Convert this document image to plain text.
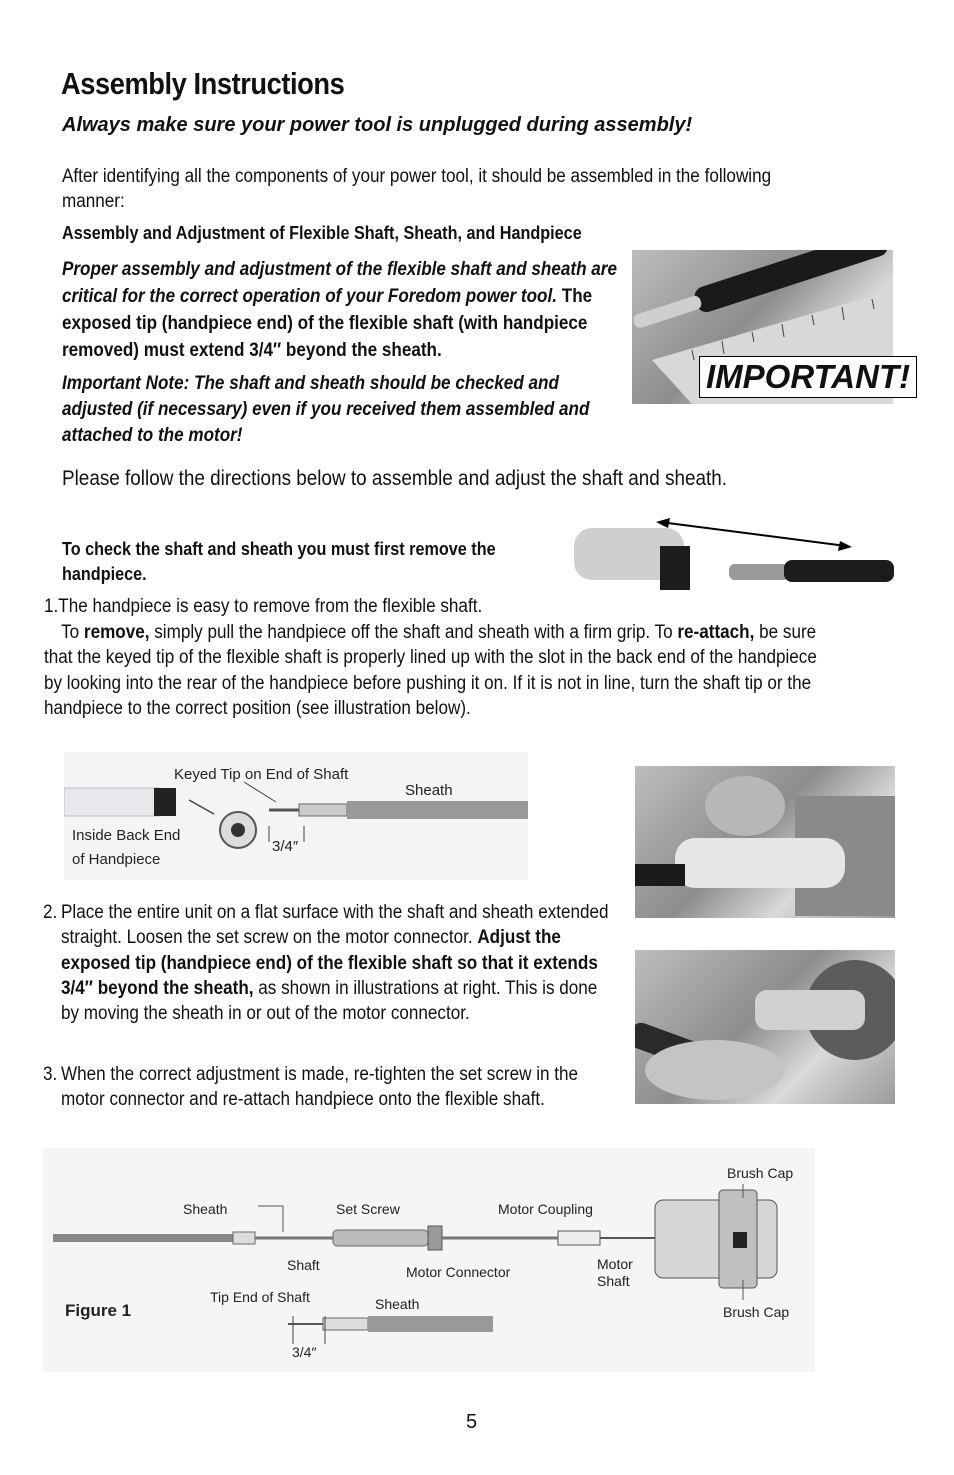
Assembly Instructions
Always make sure your power tool is unplugged during assembly!
After identifying all the components of your power tool, it should be assembled in the following manner:
Assembly and Adjustment of Flexible Shaft, Sheath, and Handpiece
Proper assembly and adjustment of the flexible shaft and sheath are critical for the correct operation of your Foredom power tool. The exposed tip (handpiece end) of the flexible shaft (with handpiece removed) must extend 3/4″ beyond the sheath.
Important Note: The shaft and sheath should be checked and adjusted (if necessary) even if you received them assembled and attached to the motor!
IMPORTANT!
Please follow the directions below to assemble and adjust the shaft and sheath.
To check the shaft and sheath you must first remove the handpiece.
1.The handpiece is easy to remove from the flexible shaft.
To remove, simply pull the handpiece off the shaft and sheath with a firm grip. To re-attach, be sure that the keyed tip of the flexible shaft is properly lined up with the slot in the back end of the handpiece by looking into the rear of the handpiece before pushing it on. If it is not in line, turn the shaft tip or the handpiece to the correct position (see illustration below).
Keyed Tip on End of Shaft
Sheath
Inside Back End
of Handpiece
3/4″
2. Place the entire unit on a flat surface with the shaft and sheath extended straight. Loosen the set screw on the motor connector. Adjust the exposed tip (handpiece end) of the flexible shaft so that it extends 3/4″ beyond the sheath, as shown in illustrations at right. This is done by moving the sheath in or out of the motor connector.
3. When the correct adjustment is made, re-tighten the set screw in the motor connector and re-attach handpiece onto the flexible shaft.
Brush Cap
Sheath	Set Screw	Motor Coupling
Shaft	Motor Connector	Motor
Shaft
Figure 1
Tip End of Shaft	Sheath	Brush Cap
3/4″
5
